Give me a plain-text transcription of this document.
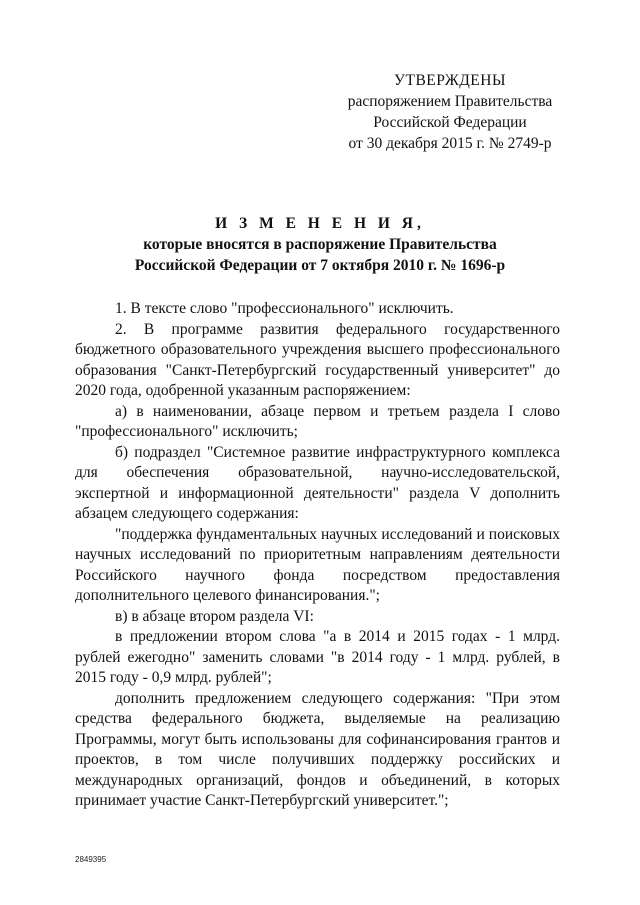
УТВЕРЖДЕНЫ
распоряжением Правительства
Российской Федерации
от 30 декабря 2015 г. № 2749-р
И З М Е Н Е Н И Я,
которые вносятся в распоряжение Правительства
Российской Федерации от 7 октября 2010 г. № 1696-р

1. В тексте слово "профессионального" исключить.

2. В программе развития федерального государственного бюджетного образовательного учреждения высшего профессионального образования "Санкт-Петербургский государственный университет" до 2020 года, одобренной указанным распоряжением:

а) в наименовании, абзаце первом и третьем раздела I слово "профессионального" исключить;

б) подраздел "Системное развитие инфраструктурного комплекса для обеспечения образовательной, научно-исследовательской, экспертной и информационной деятельности" раздела V дополнить абзацем следующего содержания:

"поддержка фундаментальных научных исследований и поисковых научных исследований по приоритетным направлениям деятельности Российского научного фонда посредством предоставления дополнительного целевого финансирования.";

в) в абзаце втором раздела VI:

в предложении втором слова "а в 2014 и 2015 годах - 1 млрд. рублей ежегодно" заменить словами "в 2014 году - 1 млрд. рублей, в 2015 году - 0,9 млрд. рублей";

дополнить предложением следующего содержания: "При этом средства федерального бюджета, выделяемые на реализацию Программы, могут быть использованы для софинансирования грантов и проектов, в том числе получивших поддержку российских и международных организаций, фондов и объединений, в которых принимает участие Санкт-Петербургский университет.";

2849395
